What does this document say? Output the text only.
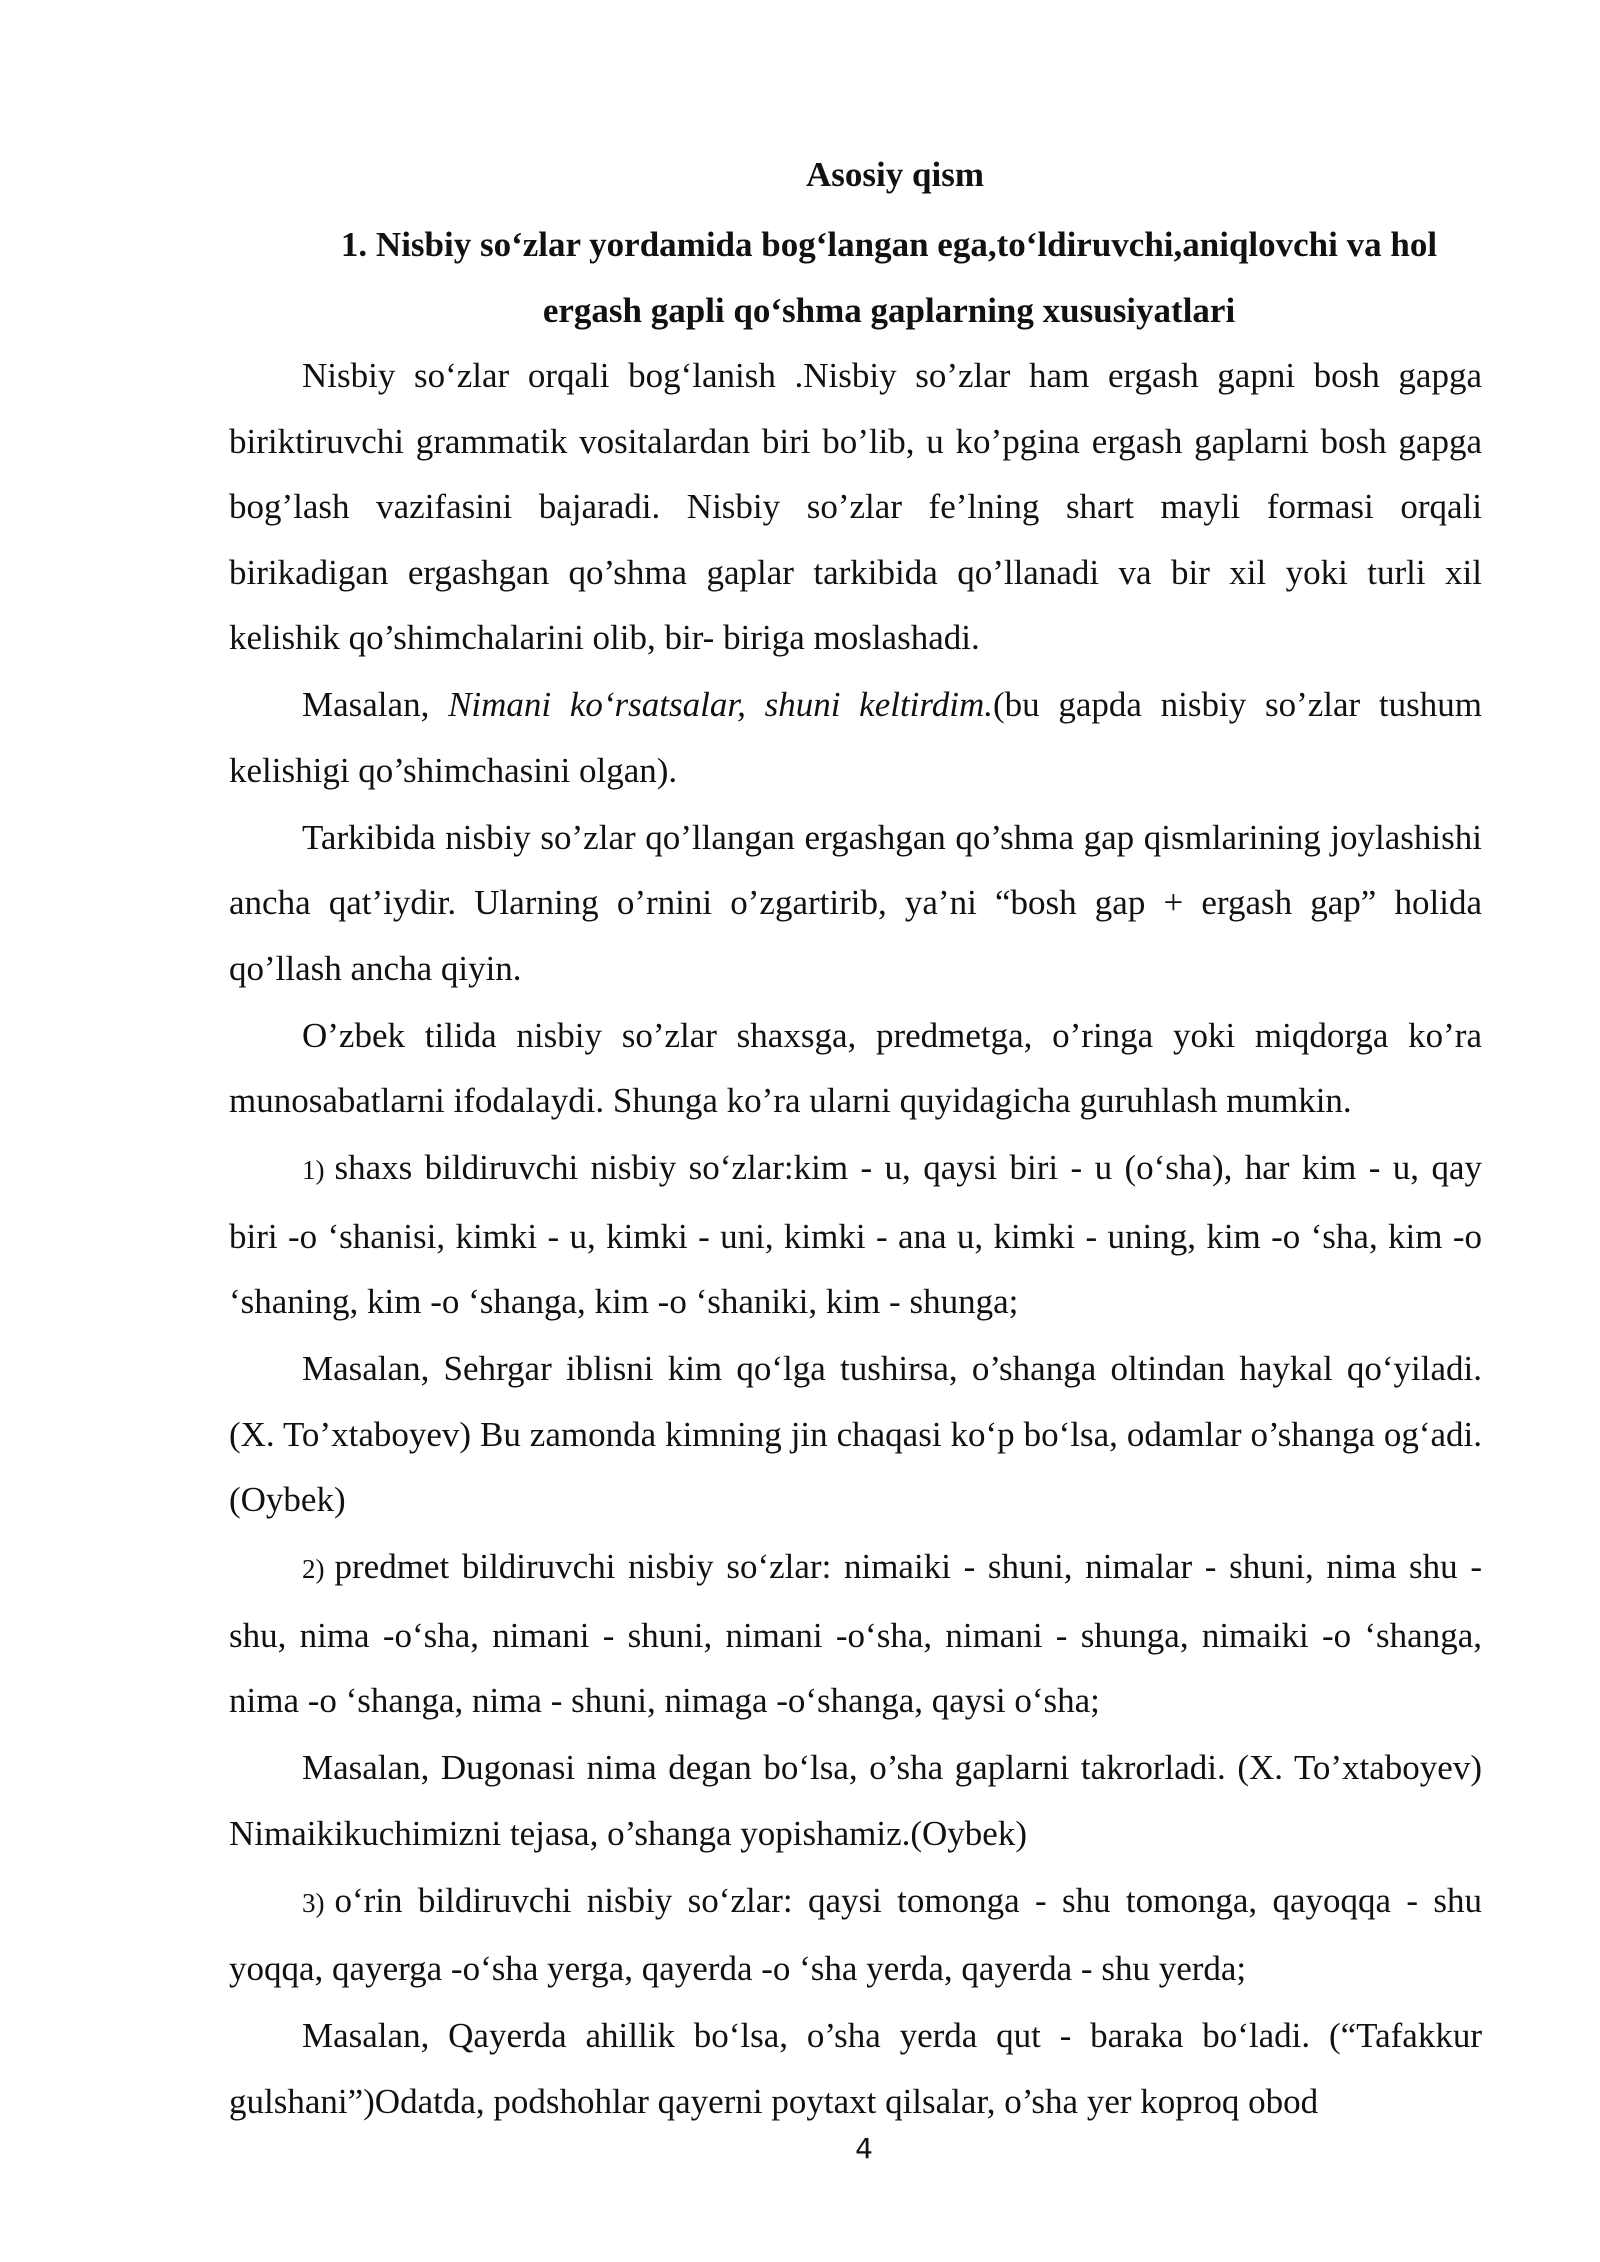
Asosiy qism
1. Nisbiy so‘zlar yordamida bog‘langan ega,to‘ldiruvchi,aniqlovchi va hol ergash gapli qo‘shma gaplarning xususiyatlari

Nisbiy so‘zlar orqali bog‘lanish .Nisbiy so’zlar ham ergash gapni bosh gapga biriktiruvchi grammatik vositalardan biri bo’lib, u ko’pgina ergash gaplarni bosh gapga bog’lash vazifasini bajaradi. Nisbiy so’zlar fe’lning shart mayli formasi orqali birikadigan ergashgan qo’shma gaplar tarkibida qo’llanadi va bir xil yoki turli xil kelishik qo’shimchalarini olib, bir- biriga moslashadi.

Masalan, Nimani ko‘rsatsalar, shuni keltirdim.(bu gapda nisbiy so’zlar tushum kelishigi qo’shimchasini olgan).

Tarkibida nisbiy so’zlar qo’llangan ergashgan qo’shma gap qismlarining joylashishi ancha qat’iydir. Ularning o’rnini o’zgartirib, ya’ni “bosh gap + ergash gap” holida qo’llash ancha qiyin.

O’zbek tilida nisbiy so’zlar shaxsga, predmetga, o’ringa yoki miqdorga ko’ra munosabatlarni ifodalaydi. Shunga ko’ra ularni quyidagicha guruhlash mumkin.

1) shaxs bildiruvchi nisbiy so‘zlar:kim - u, qaysi biri - u (o‘sha), har kim - u, qay biri -o ‘shanisi, kimki - u, kimki - uni, kimki - ana u, kimki - uning, kim -o ‘sha, kim -o ‘shaning, kim -o ‘shanga, kim -o ‘shaniki, kim - shunga;

Masalan, Sehrgar iblisni kim qo‘lga tushirsa, o’shanga oltindan haykal qo‘yiladi. (X. To’xtaboyev) Bu zamonda kimning jin chaqasi ko‘p bo‘lsa, odamlar o’shanga og‘adi. (Oybek)

2) predmet bildiruvchi nisbiy so‘zlar: nimaiki - shuni, nimalar - shuni, nima shu - shu, nima -o‘sha, nimani - shuni, nimani -o‘sha, nimani - shunga, nimaiki -o ‘shanga, nima -o ‘shanga, nima - shuni, nimaga -o‘shanga, qaysi o‘sha;

Masalan, Dugonasi nima degan bo‘lsa, o’sha gaplarni takrorladi. (X. To’xtaboyev) Nimaikikuchimizni tejasa, o’shanga yopishamiz.(Oybek)

3) o‘rin bildiruvchi nisbiy so‘zlar: qaysi tomonga - shu tomonga, qayoqqa - shu yoqqa, qayerga -o‘sha yerga, qayerda -o ‘sha yerda, qayerda - shu yerda;

Masalan, Qayerda ahillik bo‘lsa, o’sha yerda qut - baraka bo‘ladi. (“Tafakkur gulshani”)Odatda, podshohlar qayerni poytaxt qilsalar, o’sha yer koproq obod

4
